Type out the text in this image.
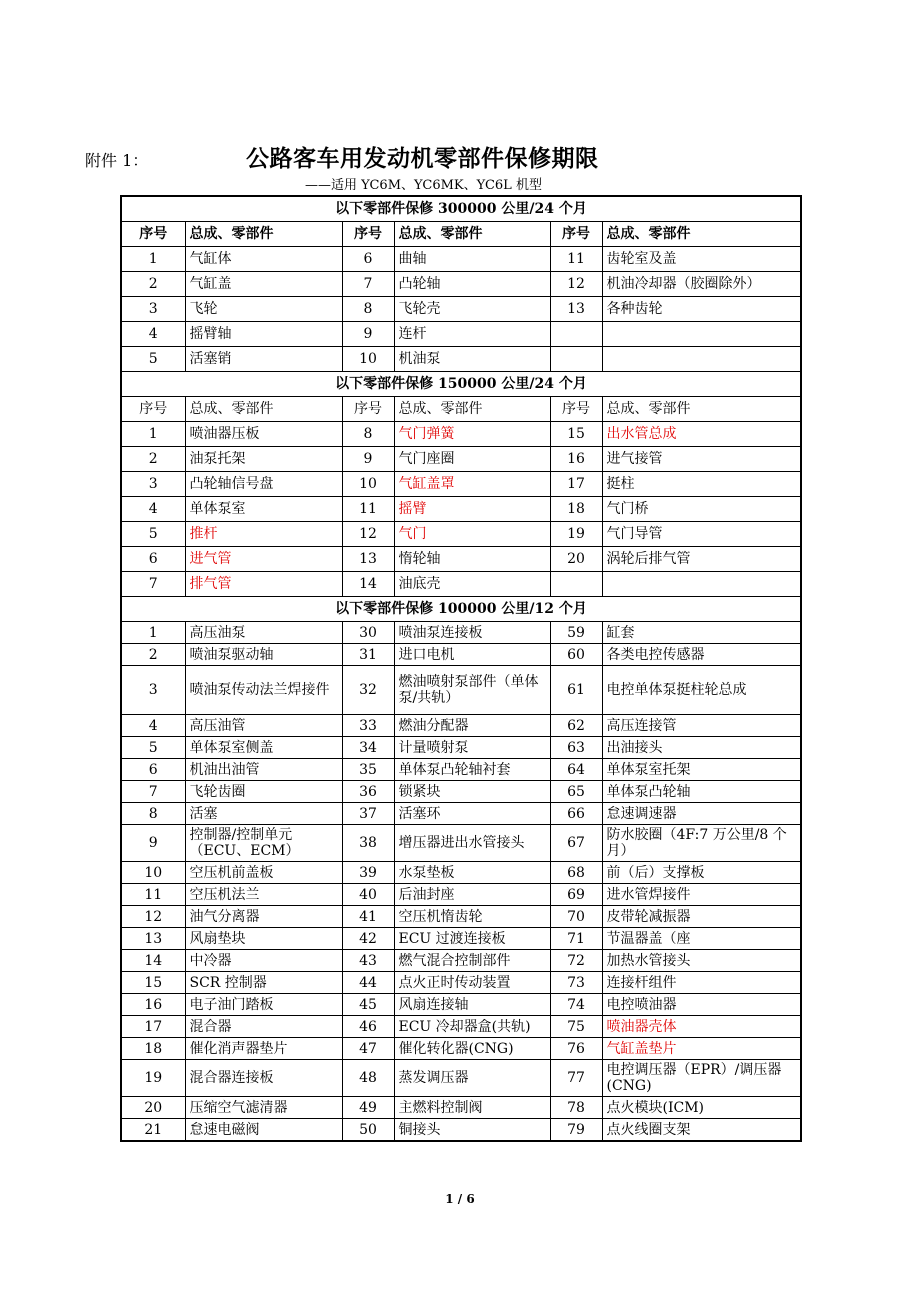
附件 1：	公路客车用发动机零部件保修期限
——适用 YC6M、YC6MK、YC6L 机型
以下零部件保修 300000 公里/24 个月					
序号	总成、零部件	序号	总成、零部件	序号	总成、零部件
1	气缸体	6	曲轴	11	齿轮室及盖
2	气缸盖	7	凸轮轴	12	机油冷却器（胶圈除外）
3	飞轮	8	飞轮壳	13	各种齿轮
4	摇臂轴	9	连杆		
5	活塞销	10	机油泵		
以下零部件保修 150000 公里/24 个月					
序号	总成、零部件	序号	总成、零部件	序号	总成、零部件
1	喷油器压板	8	气门弹簧	15	出水管总成
2	油泵托架	9	气门座圈	16	进气接管
3	凸轮轴信号盘	10	气缸盖罩	17	挺柱
4	单体泵室	11	摇臂	18	气门桥
5	推杆	12	气门	19	气门导管
6	进气管	13	惰轮轴	20	涡轮后排气管
7	排气管	14	油底壳		
以下零部件保修 100000 公里/12 个月					
1	高压油泵	30	喷油泵连接板	59	缸套
2	喷油泵驱动轴	31	进口电机	60	各类电控传感器
3	喷油泵传动法兰焊接件	32	燃油喷射泵部件（单体泵/共轨）	61	电控单体泵挺柱轮总成
4	高压油管	33	燃油分配器	62	高压连接管
5	单体泵室侧盖	34	计量喷射泵	63	出油接头
6	机油出油管	35	单体泵凸轮轴衬套	64	单体泵室托架
7	飞轮齿圈	36	锁紧块	65	单体泵凸轮轴
8	活塞	37	活塞环	66	怠速调速器
9	控制器/控制单元（ECU、ECM）	38	增压器进出水管接头	67	防水胶圈（4F:7 万公里/8 个月）
10	空压机前盖板	39	水泵垫板	68	前（后）支撑板
11	空压机法兰	40	后油封座	69	进水管焊接件
12	油气分离器	41	空压机惰齿轮	70	皮带轮减振器
13	风扇垫块	42	ECU 过渡连接板	71	节温器盖（座
14	中冷器	43	燃气混合控制部件	72	加热水管接头
15	SCR 控制器	44	点火正时传动装置	73	连接杆组件
16	电子油门踏板	45	风扇连接轴	74	电控喷油器
17	混合器	46	ECU 冷却器盒(共轨)	75	喷油器壳体
18	催化消声器垫片	47	催化转化器(CNG)	76	气缸盖垫片
19	混合器连接板	48	蒸发调压器	77	电控调压器（EPR）/调压器(CNG)
20	压缩空气滤清器	49	主燃料控制阀	78	点火模块(ICM)
21	怠速电磁阀	50	铜接头	79	点火线圈支架
1 / 6
